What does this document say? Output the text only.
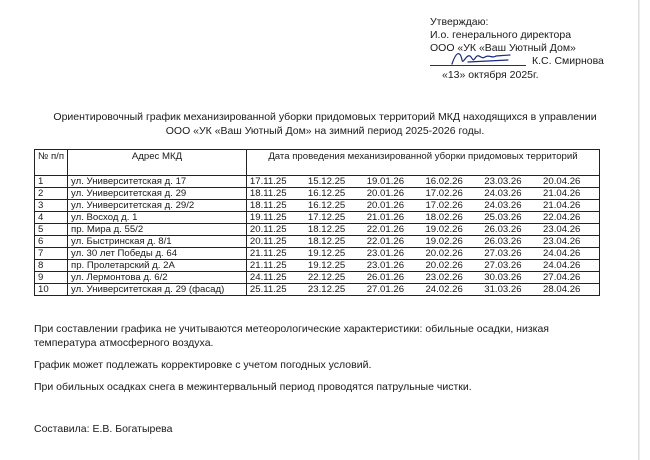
Утверждаю:
И.о. генерального директора
ООО «УК «Ваш Уютный Дом»
К.С. Смирнова
«13» октября 2025г.
Ориентировочный график механизированной уборки придомовых территорий МКД находящихся в управлении
ООО «УК «Ваш Уютный Дом» на зимний период 2025-2026 годы.
№ п/п	Адрес МКД	Дата проведения механизированной уборки придомовых территорий					
1	ул. Университетская д. 17	17.11.25	15.12.25	19.01.26	16.02.26	23.03.26	20.04.26
2	ул. Университетская д. 29	18.11.25	16.12.25	20.01.26	17.02.26	24.03.26	21.04.26
3	ул. Университетская д. 29/2	18.11.25	16.12.25	20.01.26	17.02.26	24.03.26	21.04.26
4	ул. Восход д. 1	19.11.25	17.12.25	21.01.26	18.02.26	25.03.26	22.04.26
5	пр. Мира д. 55/2	20.11.25	18.12.25	22.01.26	19.02.26	26.03.26	23.04.26
6	ул. Быстринская д. 8/1	20.11.25	18.12.25	22.01.26	19.02.26	26.03.26	23.04.26
7	ул. 30 лет Победы д. 64	21.11.25	19.12.25	23.01.26	20.02.26	27.03.26	24.04.26
8	пр. Пролетарский д. 2А	21.11.25	19.12.25	23.01.26	20.02.26	27.03.26	24.04.26
9	ул. Лермонтова д. 6/2	24.11.25	22.12.25	26.01.26	23.02.26	30.03.26	27.04.26
10	ул. Университетская д. 29 (фасад)	25.11.25	23.12.25	27.01.26	24.02.26	31.03.26	28.04.26

При составлении графика не учитываются метеорологические характеристики: обильные осадки, низкая температура атмосферного воздуха.

График может подлежать корректировке с учетом погодных условий.

При обильных осадках снега в межинтервальный период проводятся патрульные чистки.

Составила: Е.В. Богатырева
